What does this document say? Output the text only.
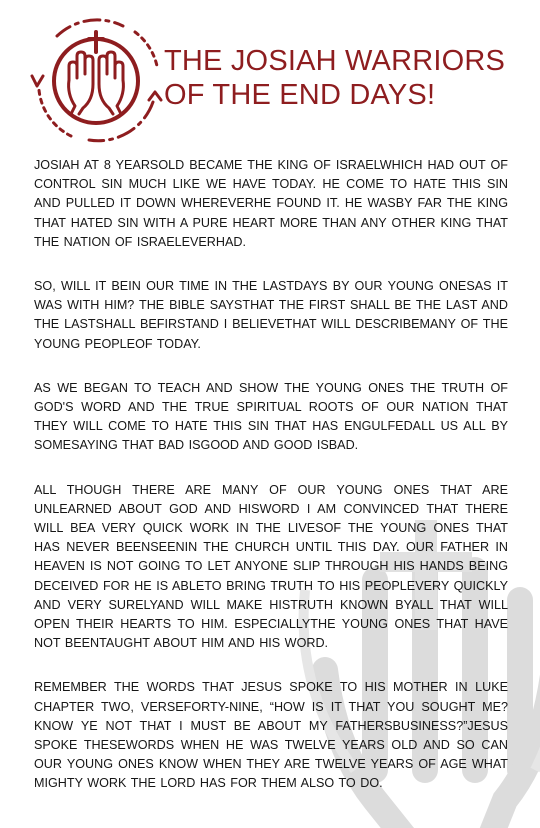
THE JOSIAH WARRIORS
OF THE END DAYS!

JOSIAH AT 8 YEARSOLD BECAME THE KING OF ISRAELWHICH HAD OUT OF CONTROL SIN MUCH LIKE WE HAVE TODAY. HE COME TO HATE THIS SIN AND PULLED IT DOWN WHEREVERHE FOUND IT. HE WASBY FAR THE KING THAT HATED SIN WITH A PURE HEART MORE THAN ANY OTHER KING THAT THE NATION OF ISRAELEVERHAD.

SO, WILL IT BEIN OUR TIME IN THE LASTDAYS BY OUR YOUNG ONESAS IT WAS WITH HIM? THE BIBLE SAYSTHAT THE FIRST SHALL BE THE LAST AND THE LASTSHALL BEFIRSTAND I BELIEVETHAT WILL DESCRIBEMANY OF THE YOUNG PEOPLEOF TODAY.

AS WE BEGAN TO TEACH AND SHOW THE YOUNG ONES THE TRUTH OF GOD'S WORD AND THE TRUE SPIRITUAL ROOTS OF OUR NATION THAT THEY WILL COME TO HATE THIS SIN THAT HAS ENGULFEDALL US ALL BY SOMESAYING THAT BAD ISGOOD AND GOOD ISBAD.

ALL THOUGH THERE ARE MANY OF OUR YOUNG ONES THAT ARE UNLEARNED ABOUT GOD AND HISWORD I AM CONVINCED THAT THERE WILL BEA VERY QUICK WORK IN THE LIVESOF THE YOUNG ONES THAT HAS NEVER BEENSEENIN THE CHURCH UNTIL THIS DAY. OUR FATHER IN HEAVEN IS NOT GOING TO LET ANYONE SLIP THROUGH HIS HANDS BEING DECEIVED FOR HE IS ABLETO BRING TRUTH TO HIS PEOPLEVERY QUICKLY AND VERY SURELYAND WILL MAKE HISTRUTH KNOWN BYALL THAT WILL OPEN THEIR HEARTS TO HIM. ESPECIALLYTHE YOUNG ONES THAT HAVE NOT BEENTAUGHT ABOUT HIM AND HIS WORD.

REMEMBER THE WORDS THAT JESUS SPOKE TO HIS MOTHER IN LUKE CHAPTER TWO, VERSEFORTY-NINE, “HOW IS IT THAT YOU SOUGHT ME? KNOW YE NOT THAT I MUST BE ABOUT MY FATHERSBUSINESS?”JESUS SPOKE THESEWORDS WHEN HE WAS TWELVE YEARS OLD AND SO CAN OUR YOUNG ONES KNOW WHEN THEY ARE TWELVE YEARS OF AGE WHAT MIGHTY WORK THE LORD HAS FOR THEM ALSO TO DO.
